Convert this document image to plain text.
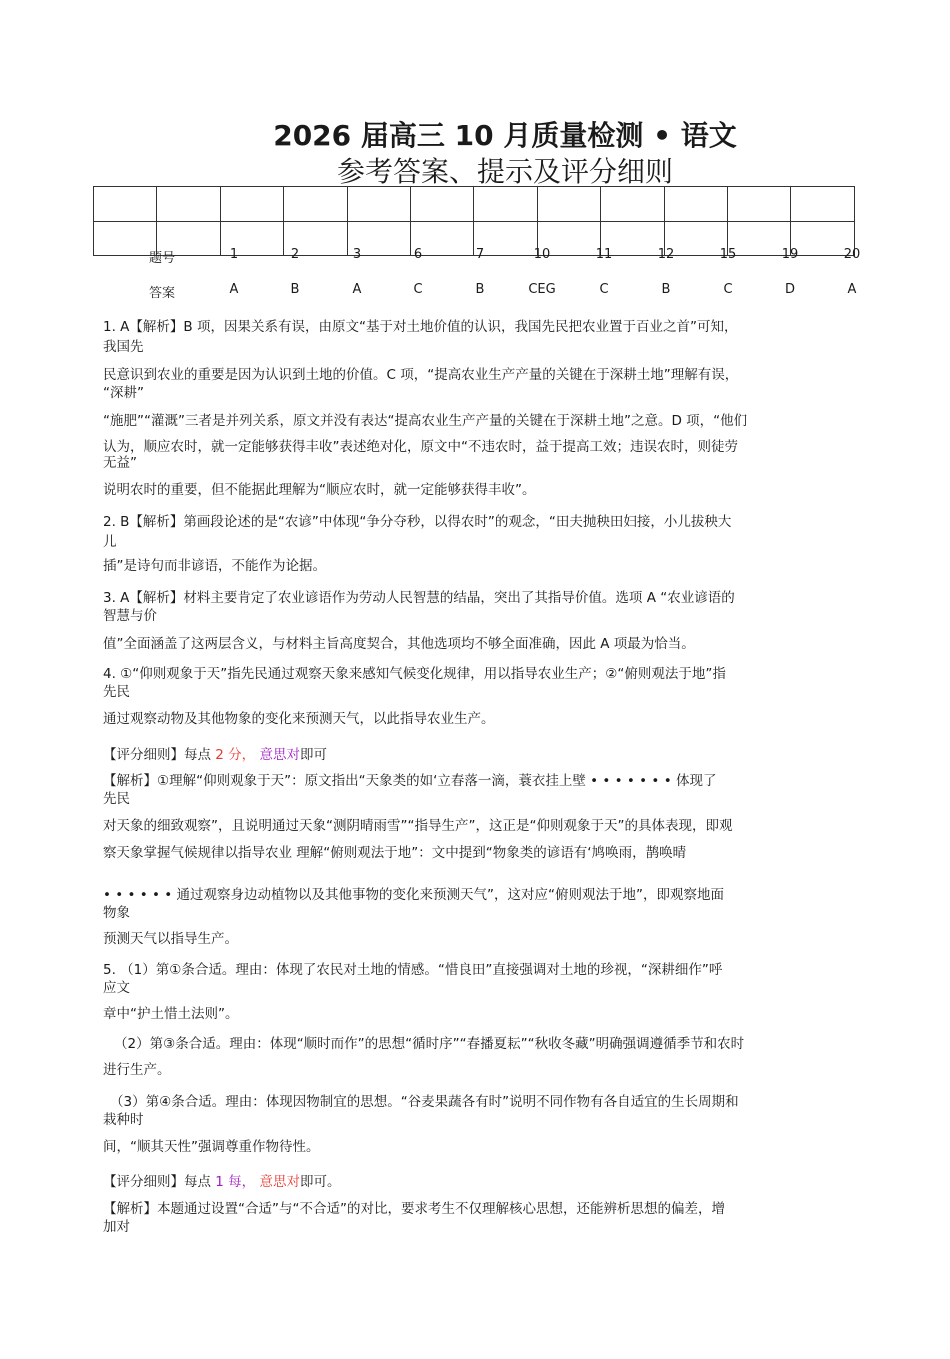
2026 届高三 10 月质量检测 • 语文
参考答案、提示及评分细则

题号	1	2	3	6	7	10	11	12	15	19	20
答案	A	B	A	C	B	CEG	C	B	C	D	A
1. A【解析】B 项，因果关系有误，由原文“基于对土地价值的认识，我国先民把农业置于百业之首”可知，
我国先
民意识到农业的重要是因为认识到土地的价值。C 项，“提高农业生产产量的关键在于深耕土地”理解有误，
“深耕”
“施肥”“灌溉”三者是并列关系，原文并没有表达“提高农业生产产量的关键在于深耕土地”之意。D 项，“他们
认为，顺应农时，就一定能够获得丰收”表述绝对化，原文中“不违农时，益于提高工效；违误农时，则徒劳
无益”
说明农时的重要，但不能据此理解为“顺应农时，就一定能够获得丰收”。
2. B【解析】第画段论述的是“农谚”中体现“争分夺秒，以得农时”的观念，“田夫抛秧田妇接，小儿拔秧大
儿
插”是诗句而非谚语，不能作为论据。
3. A【解析】材料主要肯定了农业谚语作为劳动人民智慧的结晶，突出了其指导价值。选项 A “农业谚语的
智慧与价
值”全面涵盖了这两层含义，与材料主旨高度契合，其他选项均不够全面准确，因此 A 项最为恰当。
4. ①“仰则观象于天”指先民通过观察天象来感知气候变化规律，用以指导农业生产；②“俯则观法于地”指
先民
通过观察动物及其他物象的变化来预测天气，以此指导农业生产。
【评分细则】每点 2 分， 意思对即可
【解析】①理解“仰则观象于天”：原文指出“天象类的如‘立春落一滴，蓑衣挂上壁 • • • • • • • 体现了
先民
对天象的细致观察”，且说明通过天象“测阴晴雨雪”“指导生产”，这正是“仰则观象于天”的具体表现，即观
察天象掌握气候规律以指导农业 理解“俯则观法于地”：文中提到“物象类的谚语有‘鸠唤雨，鹊唤晴
• • • • • • 通过观察身边动植物以及其他事物的变化来预测天气”，这对应“俯则观法于地”，即观察地面
物象
预测天气以指导生产。
5. （1）第①条合适。理由：体现了农民对土地的情感。“惜良田”直接强调对土地的珍视，“深耕细作”呼
应文
章中“护土惜土法则”。
（2）第③条合适。理由：体现“顺时而作”的思想“循时序”“春播夏耘”“秋收冬藏”明确强调遵循季节和农时
进行生产。
（3）第④条合适。理由：体现因物制宜的思想。“谷麦果蔬各有时”说明不同作物有各自适宜的生长周期和
栽种时
间，“顺其天性”强调尊重作物待性。
【评分细则】每点 1 每， 意思对即可。
【解析】本题通过设置“合适”与“不合适”的对比，要求考生不仅理解核心思想，还能辨析思想的偏差，增
加对
